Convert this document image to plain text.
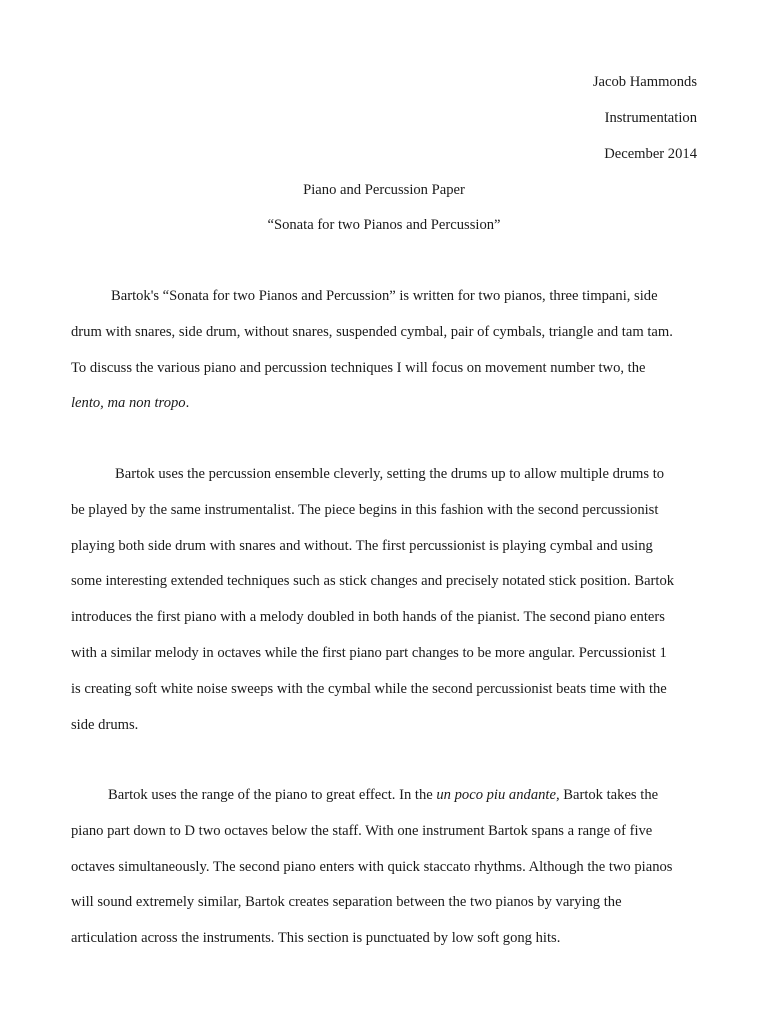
Jacob Hammonds
Instrumentation
December 2014
Piano and Percussion Paper
“Sonata for two Pianos and Percussion”
Bartok's “Sonata for two Pianos and Percussion” is written for two pianos, three timpani, side
drum with snares, side drum, without snares, suspended cymbal, pair of cymbals, triangle and tam tam.
To discuss the various piano and percussion techniques I will focus on movement number two, the
lento, ma non tropo.
Bartok uses the percussion ensemble cleverly, setting the drums up to allow multiple drums to
be played by the same instrumentalist. The piece begins in this fashion with the second percussionist
playing both side drum with snares and without. The first percussionist is playing cymbal and using
some interesting extended techniques such as stick changes and precisely notated stick position. Bartok
introduces the first piano with a melody doubled in both hands of the pianist. The second piano enters
with a similar melody in octaves while the first piano part changes to be more angular. Percussionist 1
is creating soft white noise sweeps with the cymbal while the second percussionist beats time with the
side drums.
Bartok uses the range of the piano to great effect. In the un poco piu andante, Bartok takes the
piano part down to D two octaves below the staff. With one instrument Bartok spans a range of five
octaves simultaneously. The second piano enters with quick staccato rhythms. Although the two pianos
will sound extremely similar, Bartok creates separation between the two pianos by varying the
articulation across the instruments. This section is punctuated by low soft gong hits.
